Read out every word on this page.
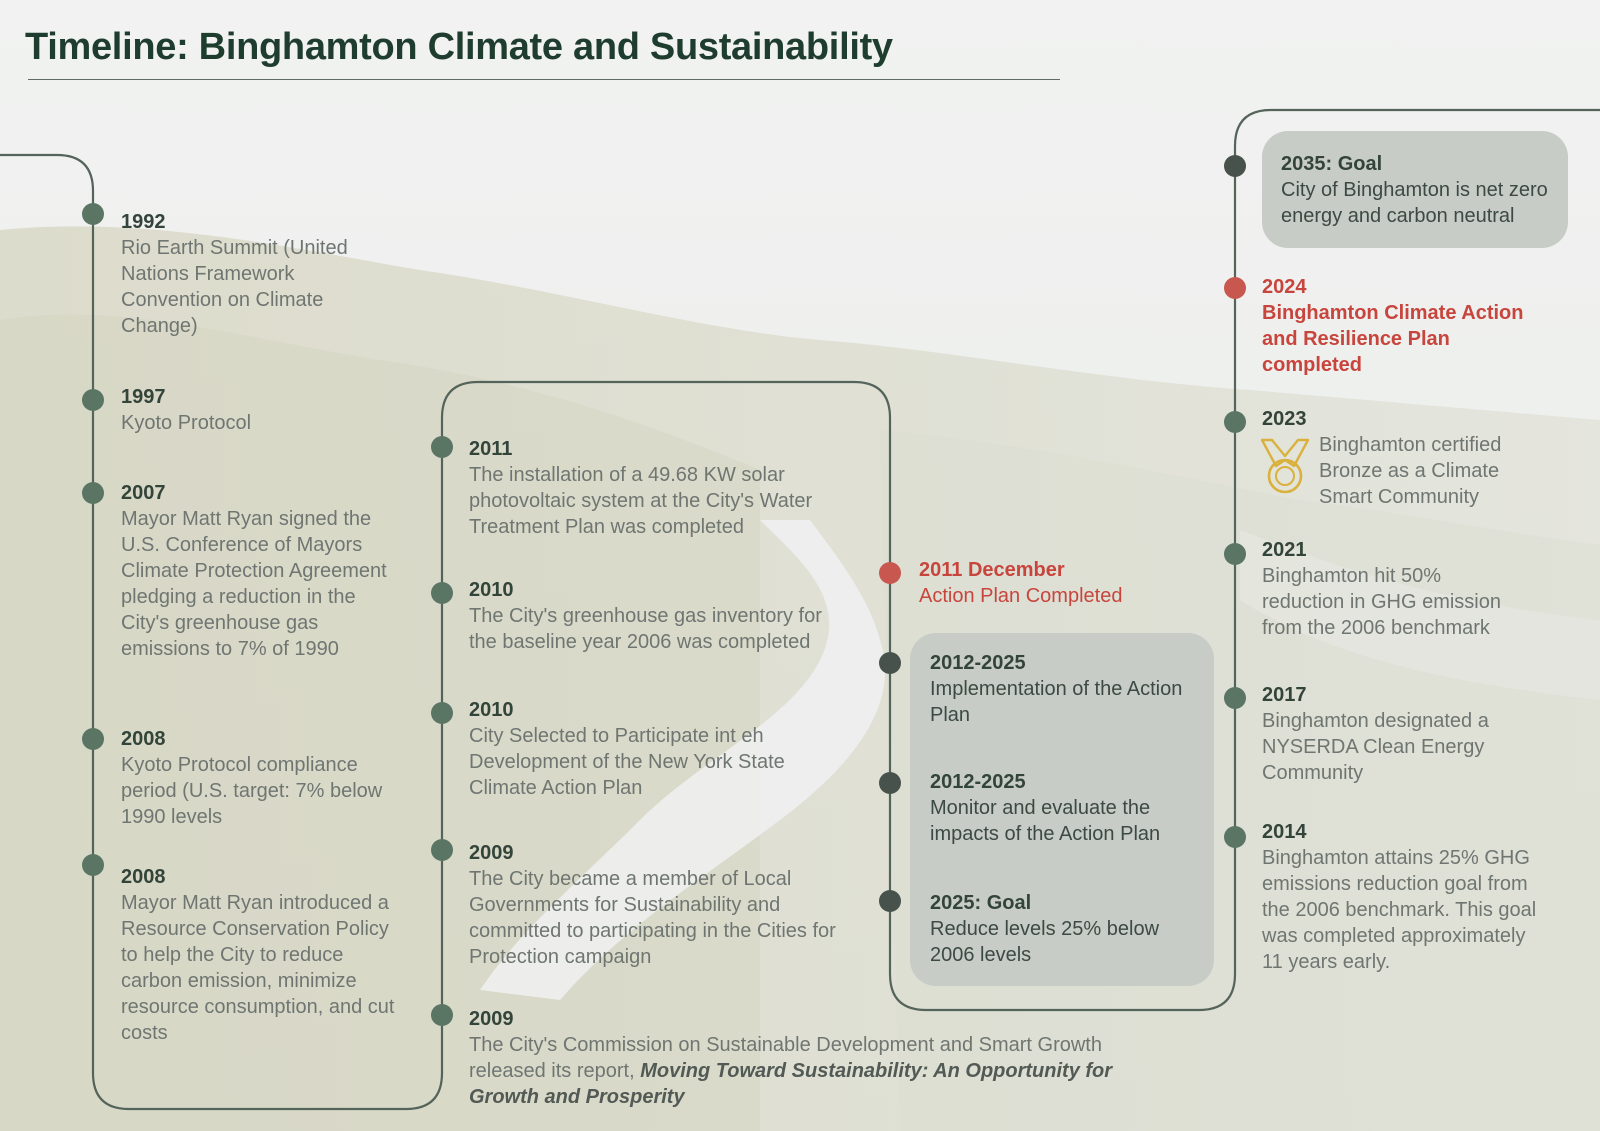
Timeline: Binghamton Climate and Sustainability
1992
Rio Earth Summit (United Nations Framework Convention on Climate Change)
1997
Kyoto Protocol
2007
Mayor Matt Ryan signed the U.S. Conference of Mayors Climate Protection Agreement pledging a reduction in the City's greenhouse gas emissions to 7% of 1990
2008
Kyoto Protocol compliance period (U.S. target: 7% below 1990 levels
2008
Mayor Matt Ryan introduced a Resource Conservation Policy to help the City to reduce carbon emission, minimize resource consumption, and cut costs
2011
The installation of a 49.68 KW solar photovoltaic system at the City's Water Treatment Plan was completed
2010
The City's greenhouse gas inventory for the baseline year 2006 was completed
2010
City Selected to Participate int eh Development of the New York State Climate Action Plan
2009
The City became a member of Local Governments for Sustainability and committed to participating in the Cities for Protection campaign
2009
The City's Commission on Sustainable Development and Smart Growth released its report, Moving Toward Sustainability: An Opportunity for Growth and Prosperity
2011 December
Action Plan Completed
2012-2025
Implementation of the Action Plan
2012-2025
Monitor and evaluate the impacts of the Action Plan
2025: Goal
Reduce levels 25% below 2006 levels
2035: Goal
City of Binghamton is net zero energy and carbon neutral
2024
Binghamton Climate Action and Resilience Plan completed
2023
Binghamton certified Bronze as a Climate Smart Community
2021
Binghamton hit 50% reduction in GHG emission from the 2006 benchmark
2017
Binghamton designated a NYSERDA Clean Energy Community
2014
Binghamton attains 25% GHG emissions reduction goal from the 2006 benchmark. This goal was completed approximately 11 years early.
